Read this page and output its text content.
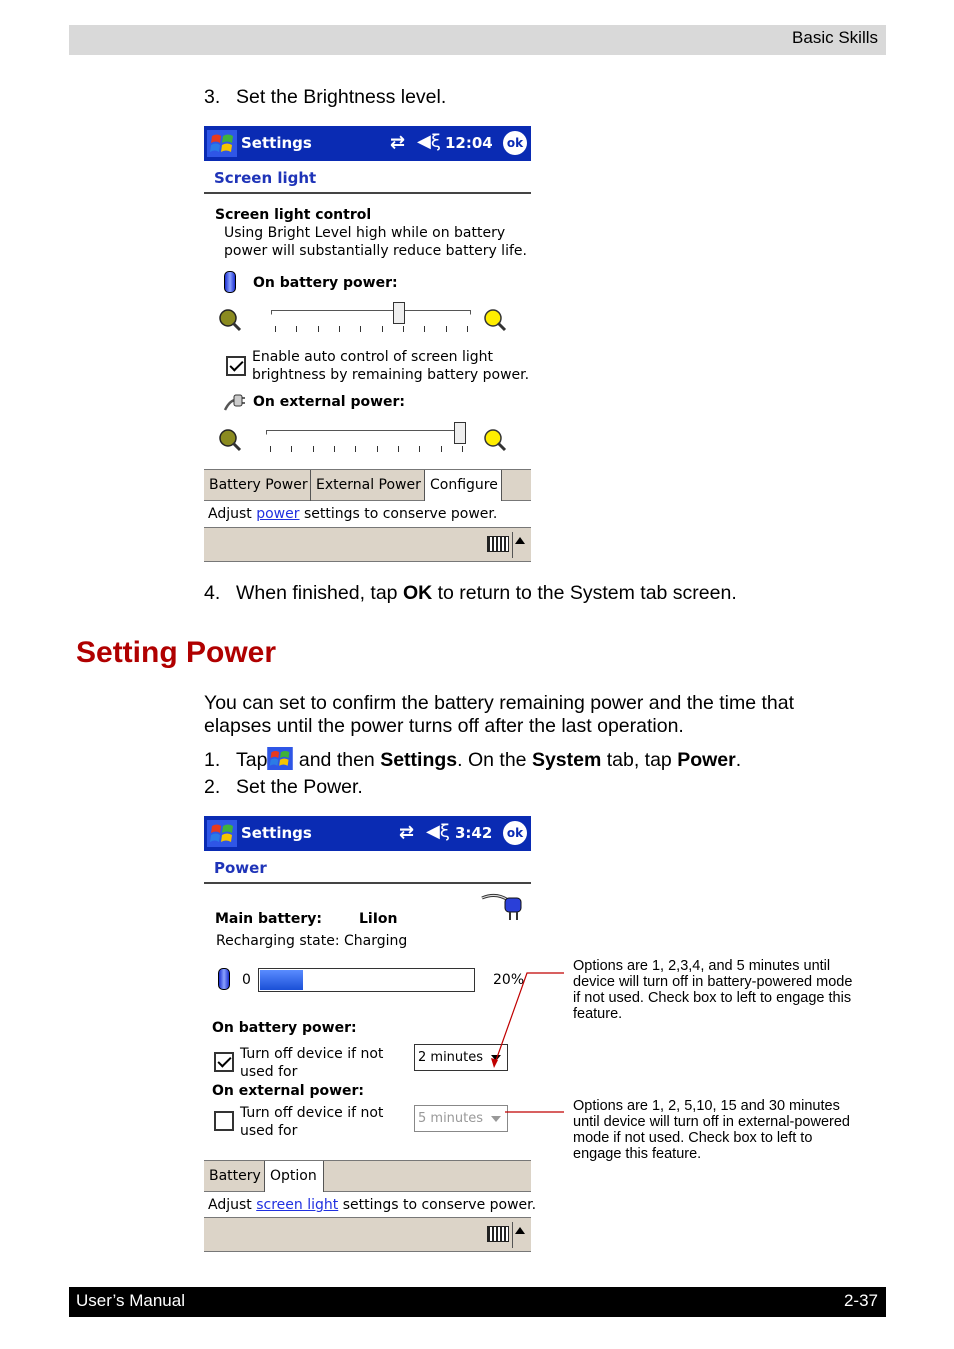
Basic Skills
3. Set the Brightness level.
Settings	⇄ ◀ξ 12:04	ok
Screen light
Screen light control
Using Bright Level high while on battery
power will substantially reduce battery life.
On battery power:
Enable auto control of screen light
brightness by remaining battery power.
On external power:
Battery Power External Power Configure
Adjust power settings to conserve power.
4. When finished, tap OK to return to the System tab screen.
Setting Power
You can set to confirm the battery remaining power and the time that elapses until the power turns off after the last operation.
1. Tap and then Settings. On the System tab, tap Power.
2. Set the Power.
Settings	⇄ ◀ξ 3:42	ok
Power
Main battery:	LiIon
Recharging state: Charging
0	20%
On battery power:
Turn off device if not
used for
2 minutes
On external power:
Turn off device if not
used for
5 minutes
Battery Option
Adjust screen light settings to conserve power.
Options are 1, 2,3,4, and 5 minutes until device will turn off in battery-powered mode if not used. Check box to left to engage this feature.
Options are 1, 2, 5,10, 15 and 30 minutes until device will turn off in external-powered mode if not used. Check box to left to engage this feature.
User’s Manual	2-37
